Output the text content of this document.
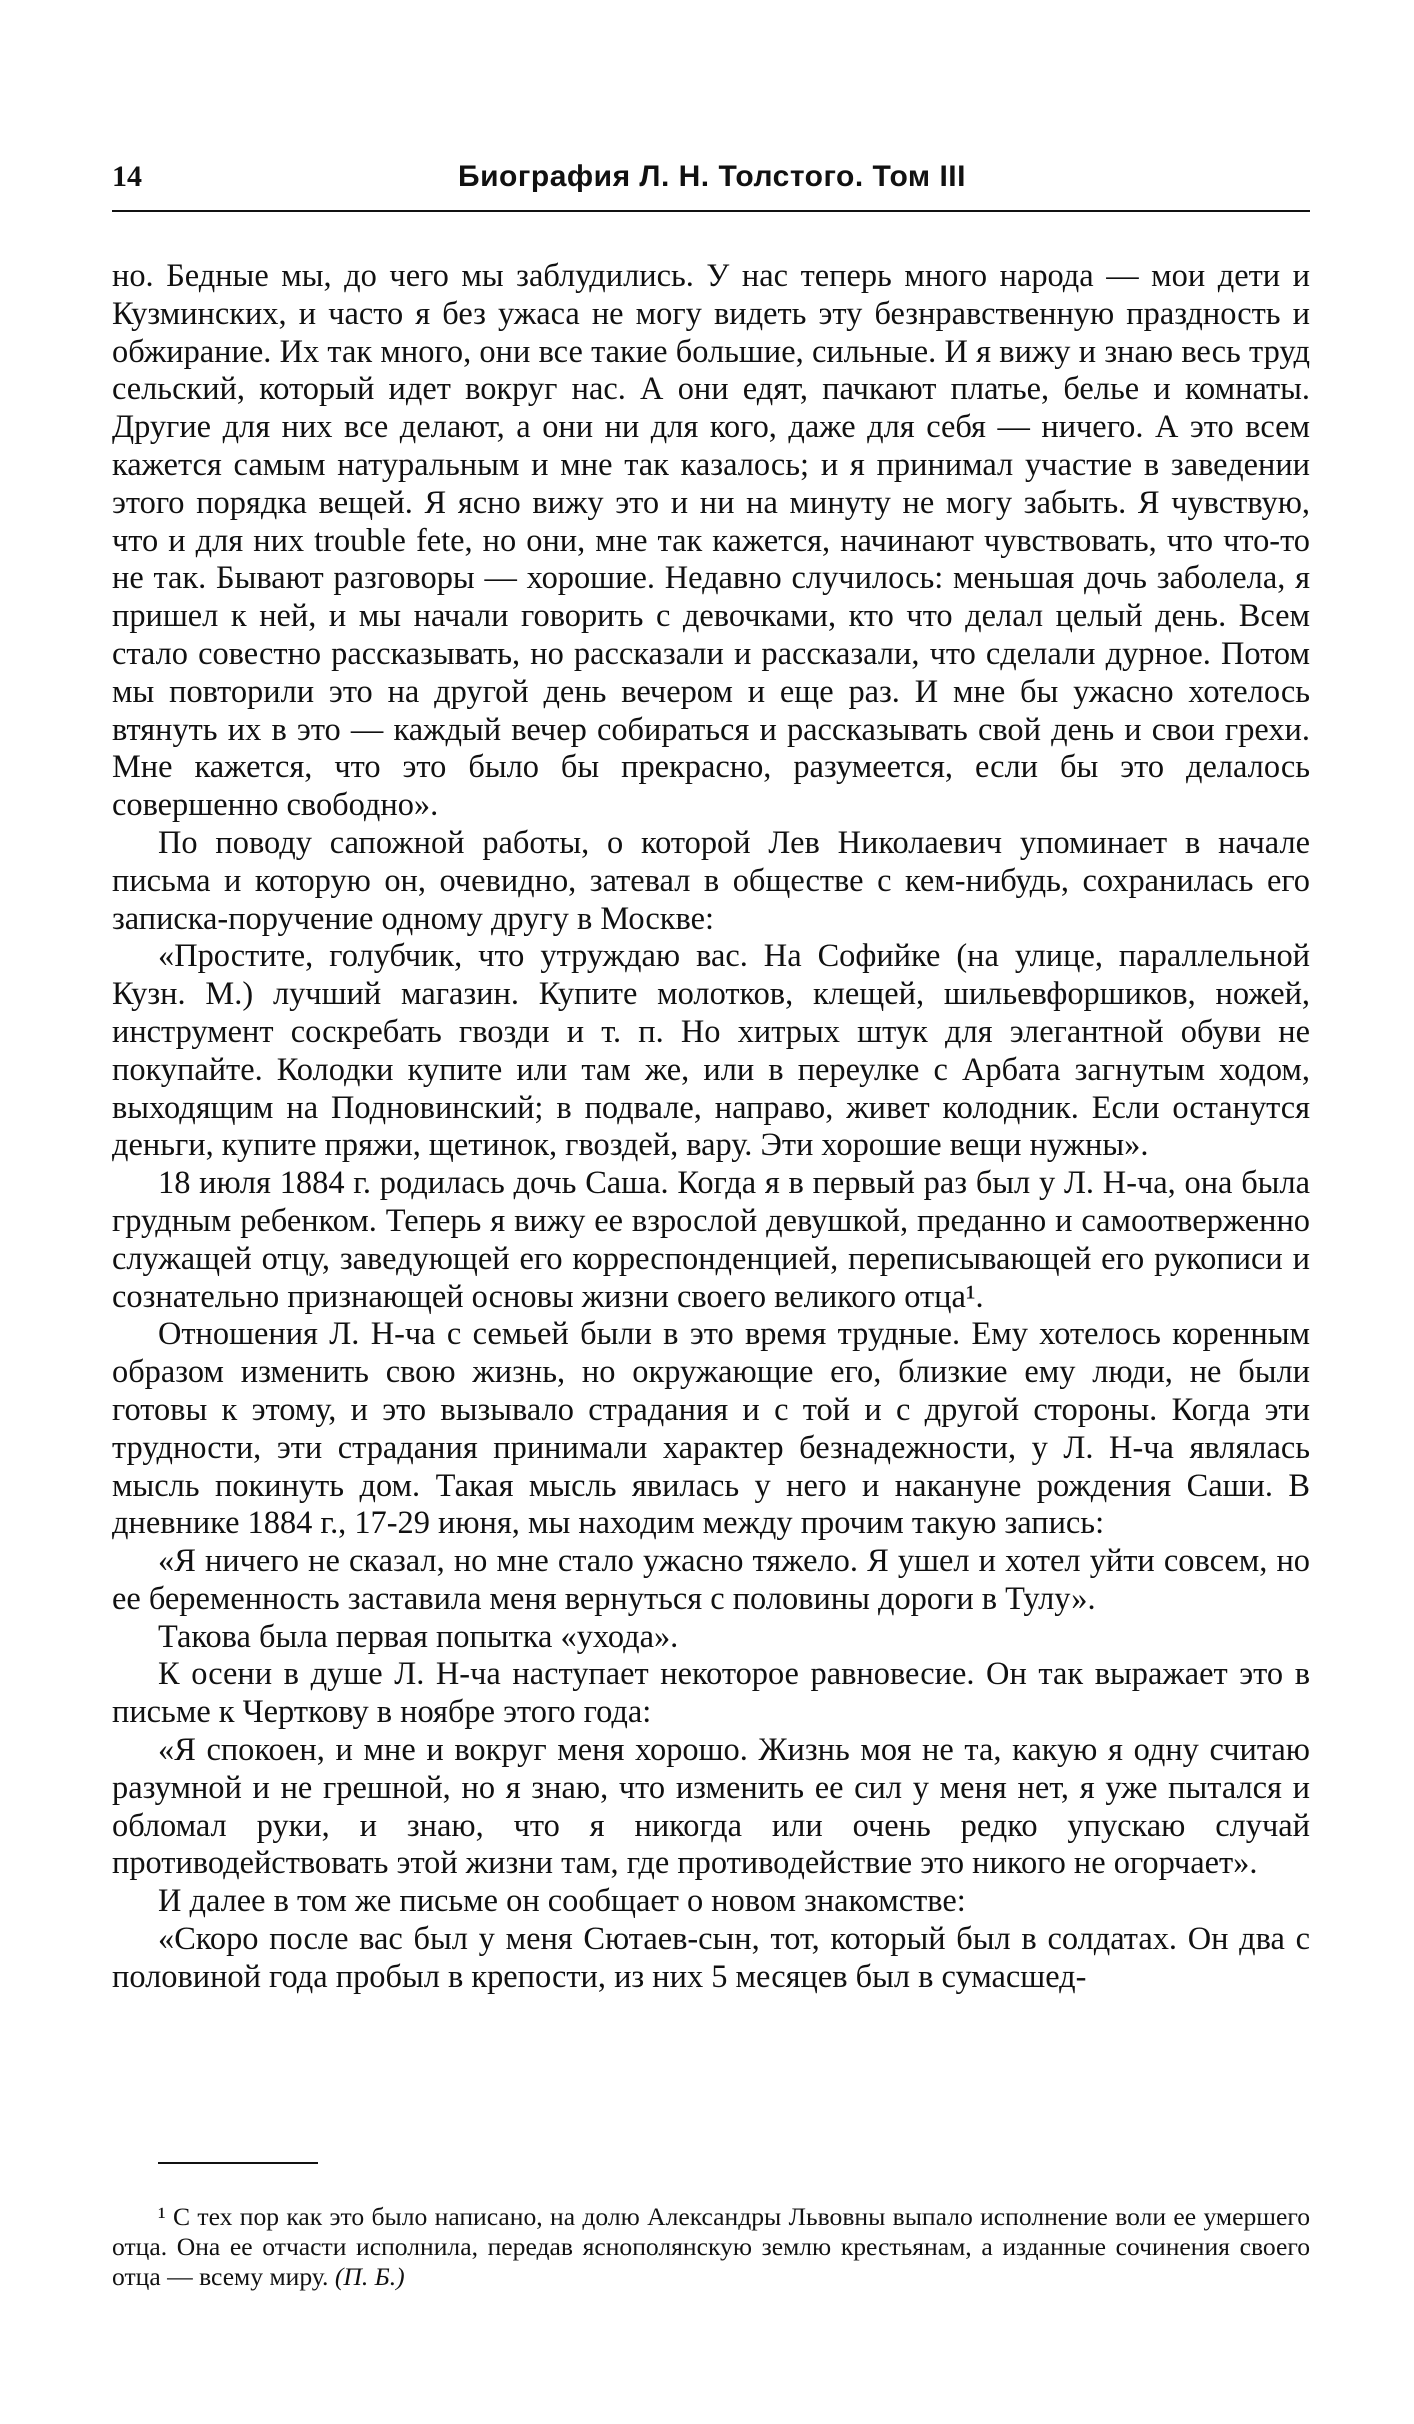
14	Биография Л. Н. Толстого. Том III

но. Бедные мы, до чего мы заблудились. У нас теперь много народа — мои дети и Кузминских, и часто я без ужаса не могу видеть эту безнравственную праздность и обжирание. Их так много, они все такие большие, сильные. И я вижу и знаю весь труд сельский, который идет вокруг нас. А они едят, пачкают платье, белье и комнаты. Другие для них все делают, а они ни для кого, даже для себя — ничего. А это всем кажется самым натуральным и мне так казалось; и я принимал участие в заведении этого порядка вещей. Я ясно вижу это и ни на минуту не могу забыть. Я чувствую, что и для них trouble fete, но они, мне так кажется, начинают чувствовать, что что-то не так. Бывают разговоры — хорошие. Недавно случилось: меньшая дочь заболела, я пришел к ней, и мы начали говорить с девочками, кто что делал целый день. Всем стало совестно рассказывать, но рассказали и рассказали, что сделали дурное. Потом мы повторили это на другой день вечером и еще раз. И мне бы ужасно хотелось втянуть их в это — каждый вечер собираться и рассказывать свой день и свои грехи. Мне кажется, что это было бы прекрасно, разумеется, если бы это делалось совершенно свободно».

По поводу сапожной работы, о которой Лев Николаевич упоминает в начале письма и которую он, очевидно, затевал в обществе с кем-нибудь, сохранилась его записка-поручение одному другу в Москве:

«Простите, голубчик, что утруждаю вас. На Софийке (на улице, параллельной Кузн. М.) лучший магазин. Купите молотков, клещей, шильевфоршиков, ножей, инструмент соскребать гвозди и т. п. Но хитрых штук для элегантной обуви не покупайте. Колодки купите или там же, или в переулке с Арбата загнутым ходом, выходящим на Подновинский; в подвале, направо, живет колодник. Если останутся деньги, купите пряжи, щетинок, гвоздей, вару. Эти хорошие вещи нужны».

18 июля 1884 г. родилась дочь Саша. Когда я в первый раз был у Л. Н-ча, она была грудным ребенком. Теперь я вижу ее взрослой девушкой, преданно и самоотверженно служащей отцу, заведующей его корреспонденцией, переписывающей его рукописи и сознательно признающей основы жизни своего великого отца¹.

Отношения Л. Н-ча с семьей были в это время трудные. Ему хотелось коренным образом изменить свою жизнь, но окружающие его, близкие ему люди, не были готовы к этому, и это вызывало страдания и с той и с другой стороны. Когда эти трудности, эти страдания принимали характер безнадежности, у Л. Н-ча являлась мысль покинуть дом. Такая мысль явилась у него и накануне рождения Саши. В дневнике 1884 г., 17-29 июня, мы находим между прочим такую запись:

«Я ничего не сказал, но мне стало ужасно тяжело. Я ушел и хотел уйти совсем, но ее беременность заставила меня вернуться с половины дороги в Тулу».

Такова была первая попытка «ухода».

К осени в душе Л. Н-ча наступает некоторое равновесие. Он так выражает это в письме к Черткову в ноябре этого года:

«Я спокоен, и мне и вокруг меня хорошо. Жизнь моя не та, какую я одну считаю разумной и не грешной, но я знаю, что изменить ее сил у меня нет, я уже пытался и обломал руки, и знаю, что я никогда или очень редко упускаю случай противодействовать этой жизни там, где противодействие это никого не огорчает».

И далее в том же письме он сообщает о новом знакомстве:

«Скоро после вас был у меня Сютаев-сын, тот, который был в солдатах. Он два с половиной года пробыл в крепости, из них 5 месяцев был в сумасшед-

¹ С тех пор как это было написано, на долю Александры Львовны выпало исполнение воли ее умершего отца. Она ее отчасти исполнила, передав яснополянскую землю крестьянам, а изданные сочинения своего отца — всему миру. (П. Б.)
